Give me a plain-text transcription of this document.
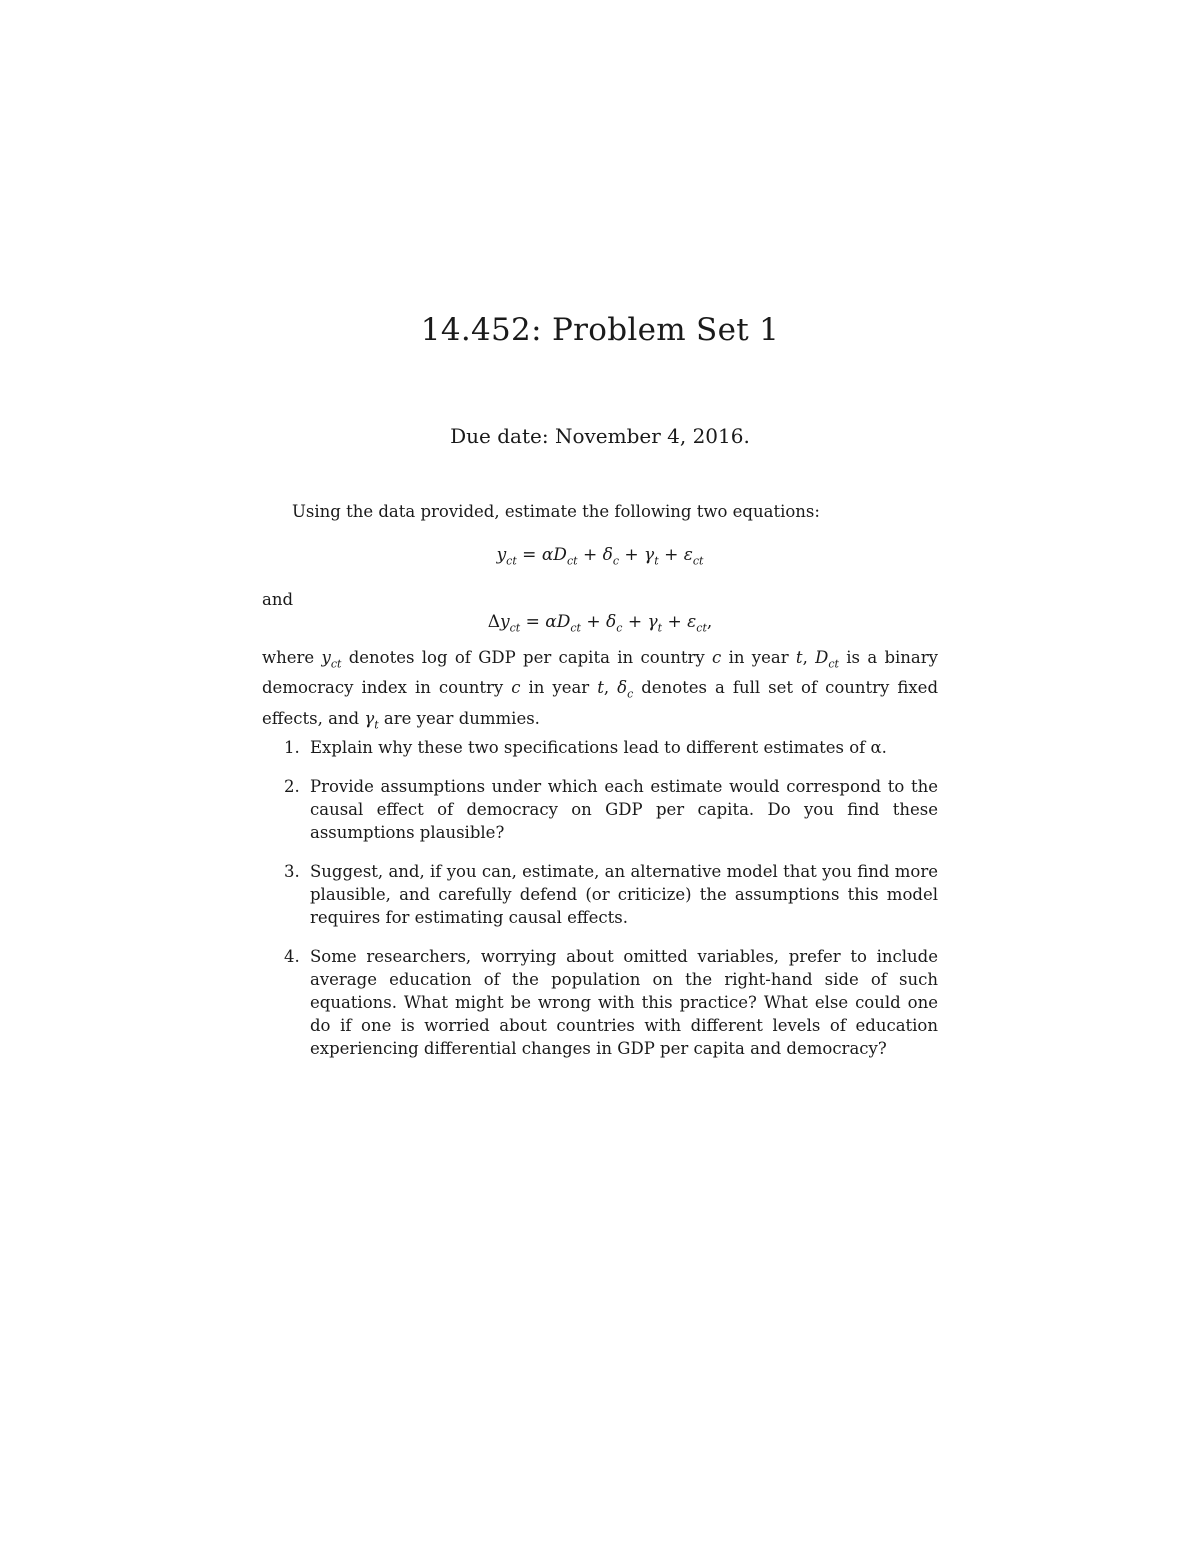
14.452: Problem Set 1
Due date: November 4, 2016.
Using the data provided, estimate the following two equations:
$y_{ct} = \alpha D_{ct} + \delta_c + \gamma_t + \varepsilon_{ct}$
and
$\Delta y_{ct} = \alpha D_{ct} + \delta_c + \gamma_t + \varepsilon_{ct}$,
where $y_{ct}$ denotes log of GDP per capita in country c in year t, $D_{ct}$ is a binary democracy index in country c in year t, $\delta_c$ denotes a full set of country fixed effects, and $\gamma_t$ are year dummies.
1. Explain why these two specifications lead to different estimates of α.
2. Provide assumptions under which each estimate would correspond to the causal effect of democracy on GDP per capita. Do you find these assumptions plausible?
3. Suggest, and, if you can, estimate, an alternative model that you find more plausible, and carefully defend (or criticize) the assumptions this model requires for estimating causal effects.
4. Some researchers, worrying about omitted variables, prefer to include average education of the population on the right-hand side of such equations. What might be wrong with this practice? What else could one do if one is worried about countries with different levels of education experiencing differential changes in GDP per capita and democracy?
